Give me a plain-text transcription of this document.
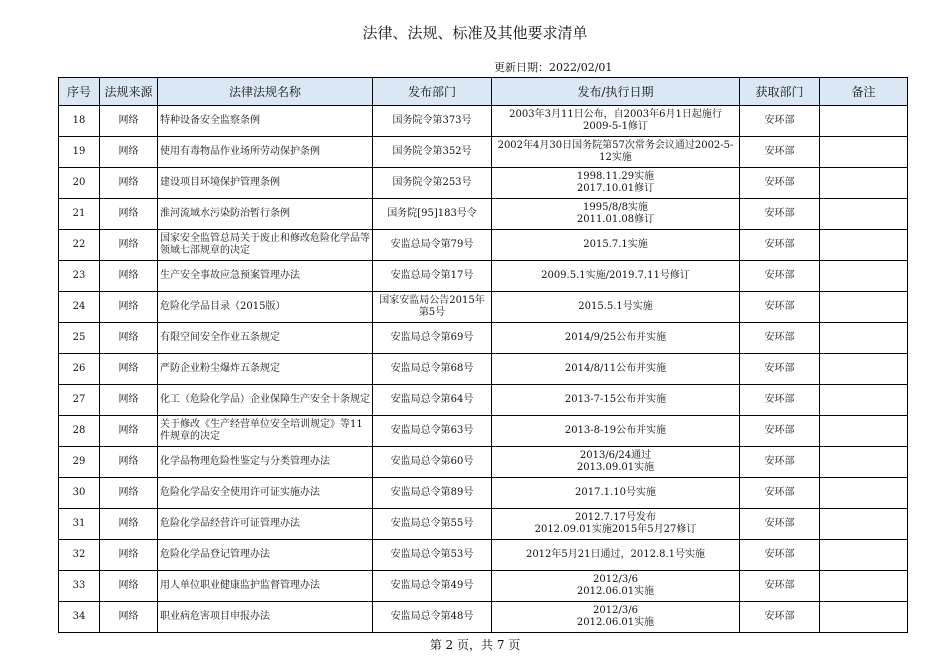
法律、法规、标准及其他要求清单
更新日期：2022/02/01
序号	法规来源	法律法规名称	发布部门	发布/执行日期	获取部门	备注
18	网络	特种设备安全监察条例	国务院令第373号	2003年3月11日公布，自2003年6月1日起施行
2009-5-1修订	安环部	
19	网络	使用有毒物品作业场所劳动保护条例	国务院令第352号	2002年4月30日国务院第57次常务会议通过2002-5-12实施	安环部	
20	网络	建设项目环境保护管理条例	国务院令第253号	1998.11.29实施
2017.10.01修订	安环部	
21	网络	淮河流域水污染防治暂行条例	国务院[95]183号令	1995/8/8实施
2011.01.08修订	安环部	
22	网络	国家安全监管总局关于废止和修改危险化学品等领域七部规章的决定	安监总局令第79号	2015.7.1实施	安环部	
23	网络	生产安全事故应急预案管理办法	安监总局令第17号	2009.5.1实施/2019.7.11号修订	安环部	
24	网络	危险化学品目录（2015版）	国家安监局公告2015年第5号	2015.5.1号实施	安环部	
25	网络	有限空间安全作业五条规定	安监局总令第69号	2014/9/25公布并实施	安环部	
26	网络	严防企业粉尘爆炸五条规定	安监局总令第68号	2014/8/11公布并实施	安环部	
27	网络	化工（危险化学品）企业保障生产安全十条规定	安监局总令第64号	2013-7-15公布并实施	安环部	
28	网络	关于修改《生产经营单位安全培训规定》等11件规章的决定	安监局总令第63号	2013-8-19公布并实施	安环部	
29	网络	化学品物理危险性鉴定与分类管理办法	安监局总令第60号	2013/6/24通过
2013.09.01实施	安环部	
30	网络	危险化学品安全使用许可证实施办法	安监局总令第89号	2017.1.10号实施	安环部	
31	网络	危险化学品经营许可证管理办法	安监局总令第55号	2012.7.17号发布
2012.09.01实施2015年5月27修订	安环部	
32	网络	危险化学品登记管理办法	安监局总令第53号	2012年5月21日通过，2012.8.1号实施	安环部	
33	网络	用人单位职业健康监护监督管理办法	安监局总令第49号	2012/3/6
2012.06.01实施	安环部	
34	网络	职业病危害项目申报办法	安监局总令第48号	2012/3/6
2012.06.01实施	安环部	
第 2 页，共 7 页
